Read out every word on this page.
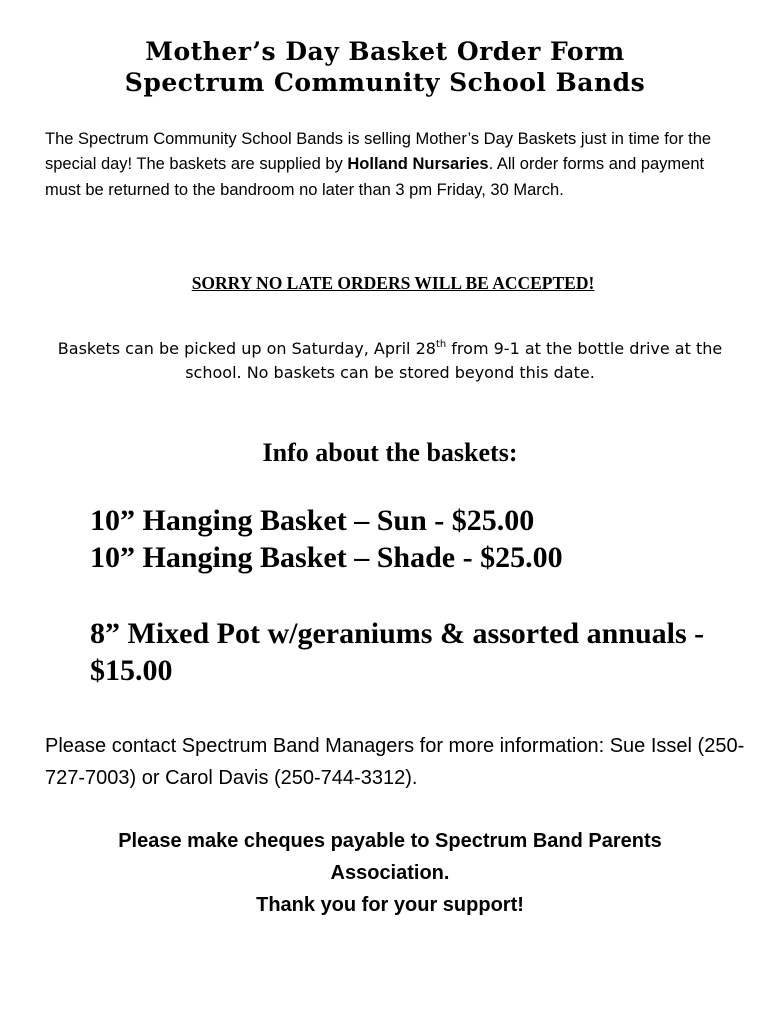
Mother’s Day Basket Order Form
Spectrum Community School Bands
The Spectrum Community School Bands is selling Mother’s Day Baskets just in time for the special day! The baskets are supplied by Holland Nursaries. All order forms and payment must be returned to the bandroom no later than 3 pm Friday, 30 March.
SORRY NO LATE ORDERS WILL BE ACCEPTED!
Baskets can be picked up on Saturday, April 28th from 9-1 at the bottle drive at the school. No baskets can be stored beyond this date.
Info about the baskets:

10” Hanging Basket – Sun - $25.00

10” Hanging Basket – Shade - $25.00

8” Mixed Pot w/geraniums & assorted annuals - $15.00

Please contact Spectrum Band Managers for more information: Sue Issel (250-727-7003) or Carol Davis (250-744-3312).
Please make cheques payable to Spectrum Band Parents Association.
Thank you for your support!
